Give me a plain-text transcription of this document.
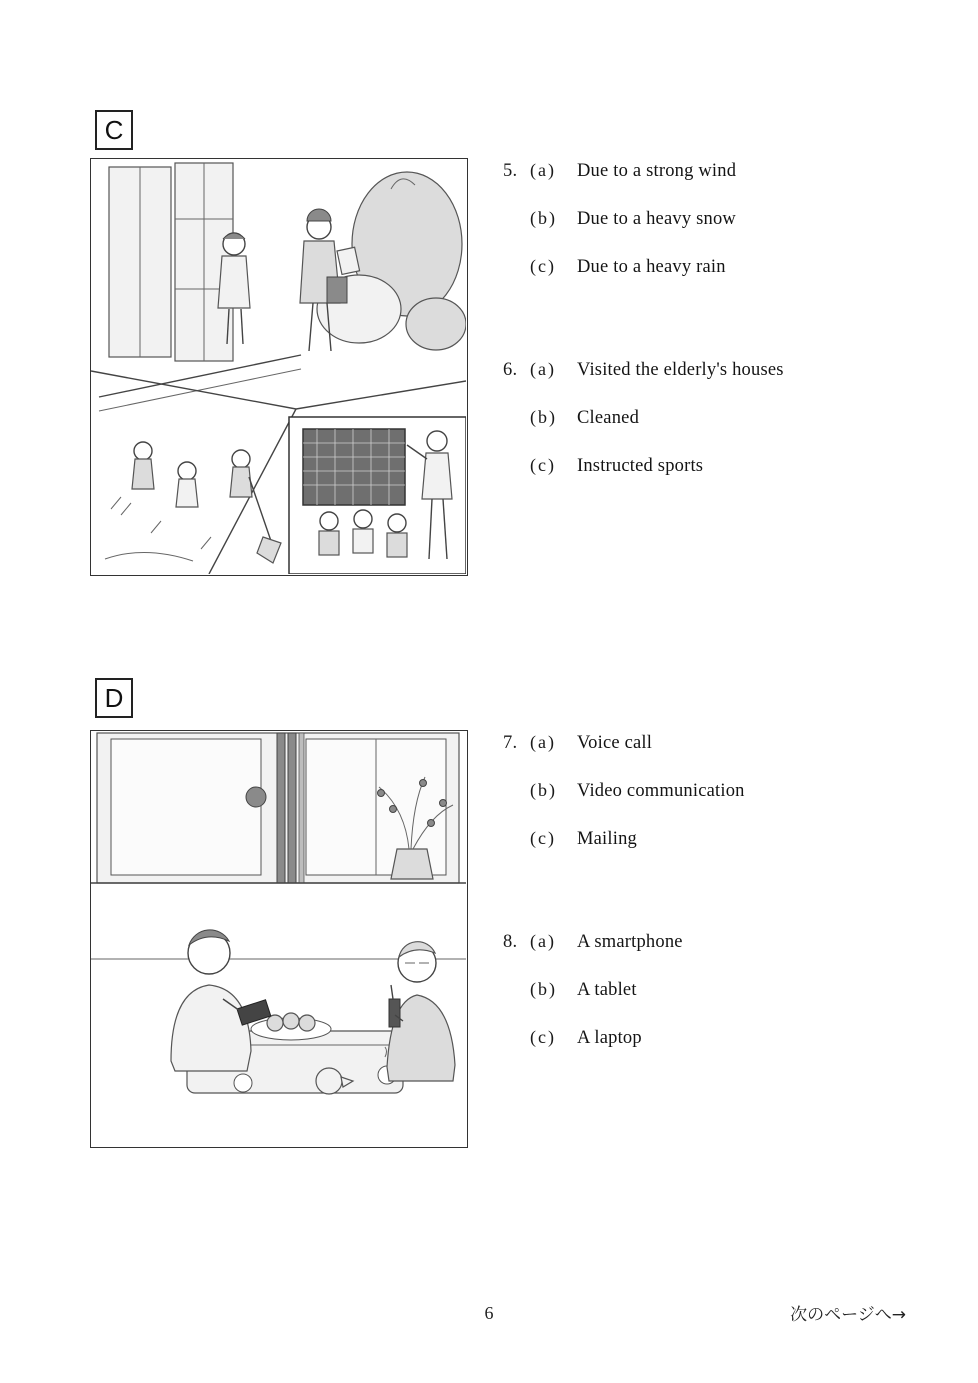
C
5. (a)	Due to a strong wind
(b)	Due to a heavy snow
(c)	Due to a heavy rain
6. (a)	Visited the elderly's houses
(b)	Cleaned
(c)	Instructed sports
D
7. (a)	Voice call
(b)	Video communication
(c)	Mailing
8. (a)	A smartphone
(b)	A tablet
(c)	A laptop
6	次のページへ→
